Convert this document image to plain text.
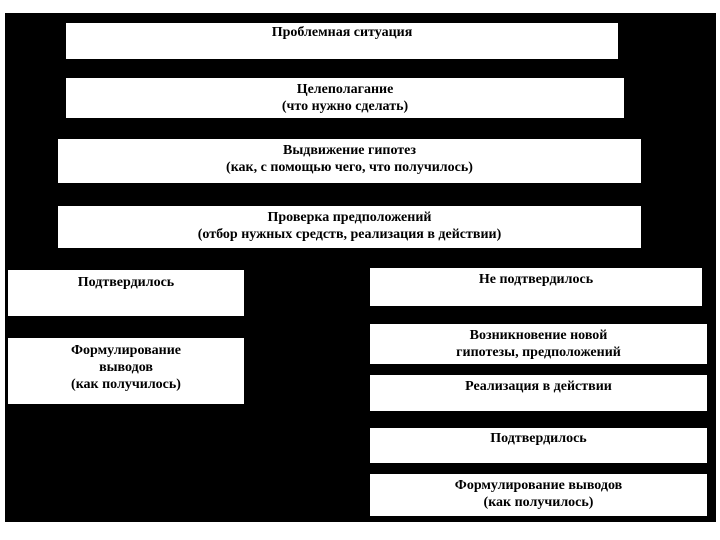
Проблемная ситуация
Целеполагание
(что нужно сделать)
Выдвижение гипотез
(как, с помощью чего, что получилось)
Проверка предположений
(отбор нужных средств, реализация в действии)
Подтвердилось	Не подтвердилось
Формулирование
выводов
(как получилось)
Возникновение новой
гипотезы, предположений
Реализация в действии
Подтвердилось
Формулирование выводов
(как получилось)
